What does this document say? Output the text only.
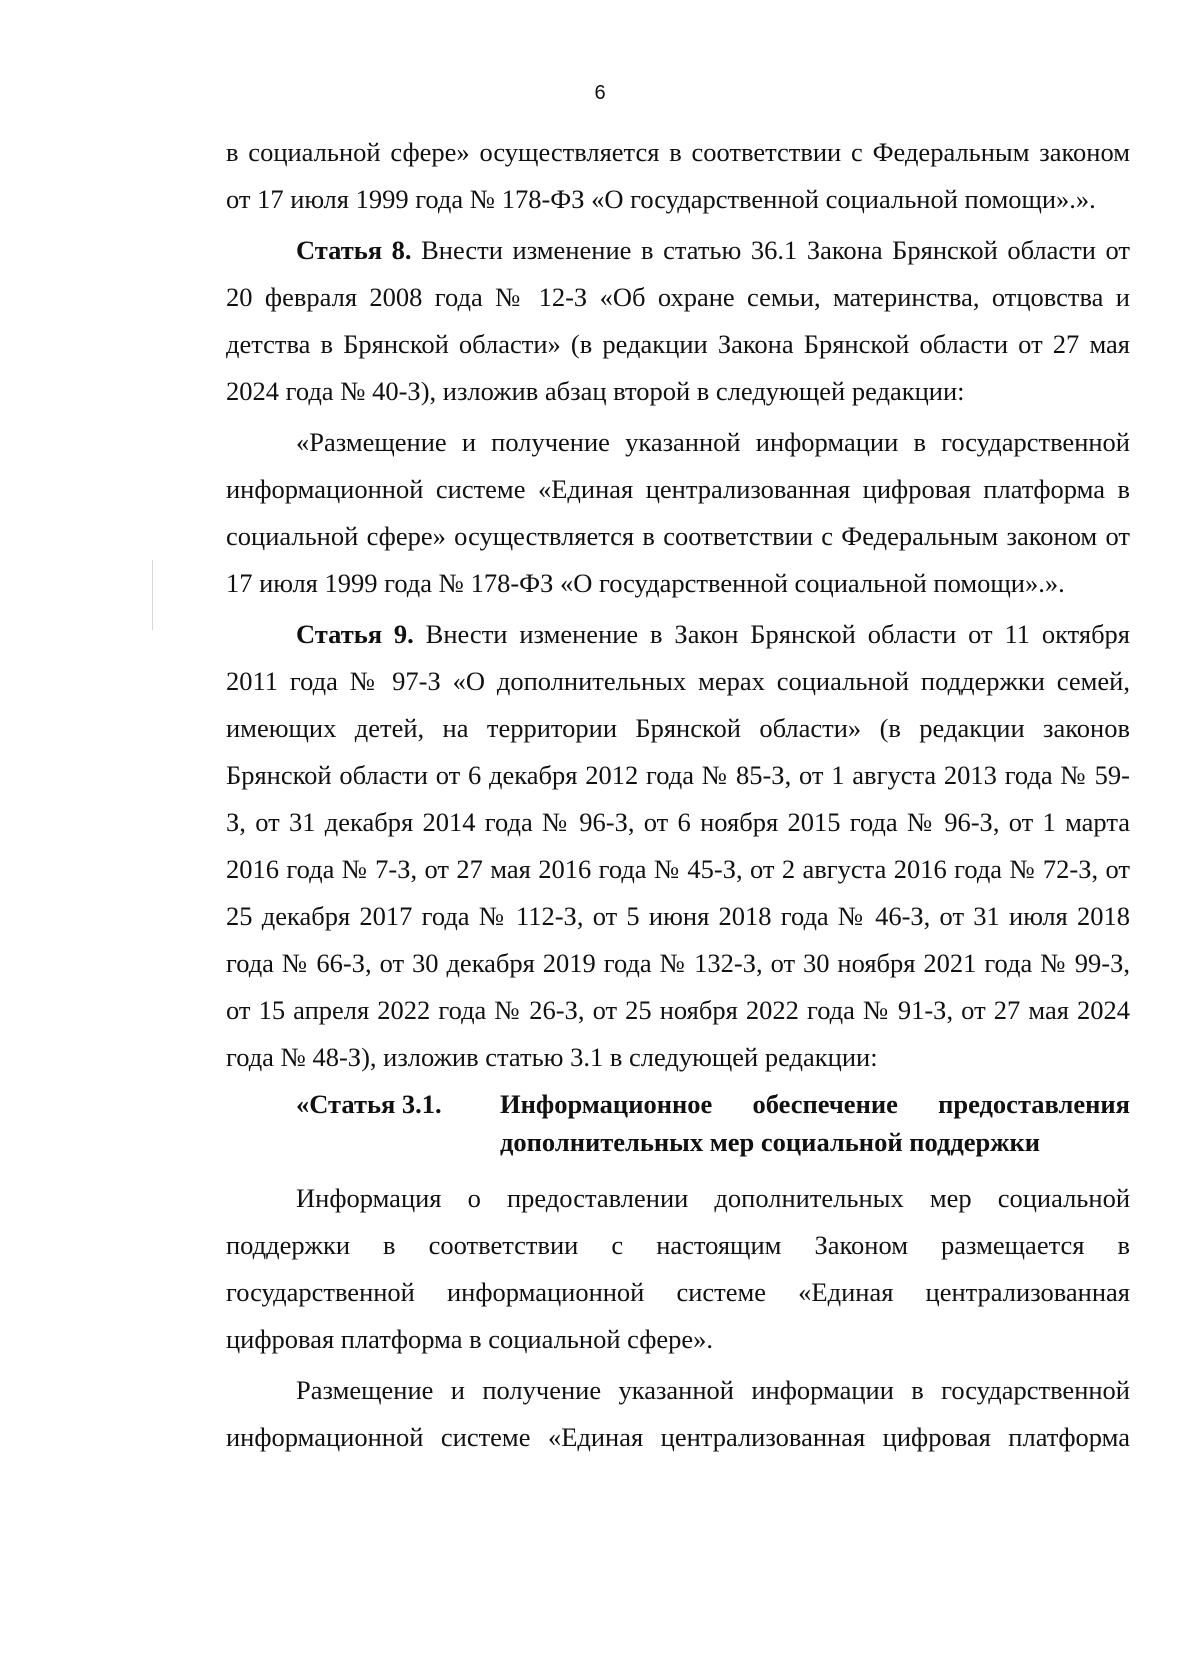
6

в социальной сфере» осуществляется в соответствии с Федеральным законом от 17 июля 1999 года № 178-ФЗ «О государственной социальной помощи».».

Статья 8. Внести изменение в статью 36.1 Закона Брянской области от 20 февраля 2008 года № 12-З «Об охране семьи, материнства, отцовства и детства в Брянской области» (в редакции Закона Брянской области от 27 мая 2024 года № 40-З), изложив абзац второй в следующей редакции:

«Размещение и получение указанной информации в государственной информационной системе «Единая централизованная цифровая платформа в социальной сфере» осуществляется в соответствии с Федеральным законом от 17 июля 1999 года № 178-ФЗ «О государственной социальной помощи».».

Статья 9. Внести изменение в Закон Брянской области от 11 октября 2011 года № 97-З «О дополнительных мерах социальной поддержки семей, имеющих детей, на территории Брянской области» (в редакции законов Брянской области от 6 декабря 2012 года № 85-З, от 1 августа 2013 года № 59-З, от 31 декабря 2014 года № 96-З, от 6 ноября 2015 года № 96-З, от 1 марта 2016 года № 7-З, от 27 мая 2016 года № 45-З, от 2 августа 2016 года № 72-З, от 25 декабря 2017 года № 112-З, от 5 июня 2018 года № 46-З, от 31 июля 2018 года № 66-З, от 30 декабря 2019 года № 132-З, от 30 ноября 2021 года № 99-З, от 15 апреля 2022 года № 26-З, от 25 ноября 2022 года № 91-З, от 27 мая 2024 года № 48-З), изложив статью 3.1 в следующей редакции:

«Статья 3.1.	Информационное обеспечение предоставления дополнительных мер социальной поддержки

Информация о предоставлении дополнительных мер социальной поддержки в соответствии с настоящим Законом размещается в государственной информационной системе «Единая централизованная цифровая платформа в социальной сфере».

Размещение и получение указанной информации в государственной информационной системе «Единая централизованная цифровая платформа
